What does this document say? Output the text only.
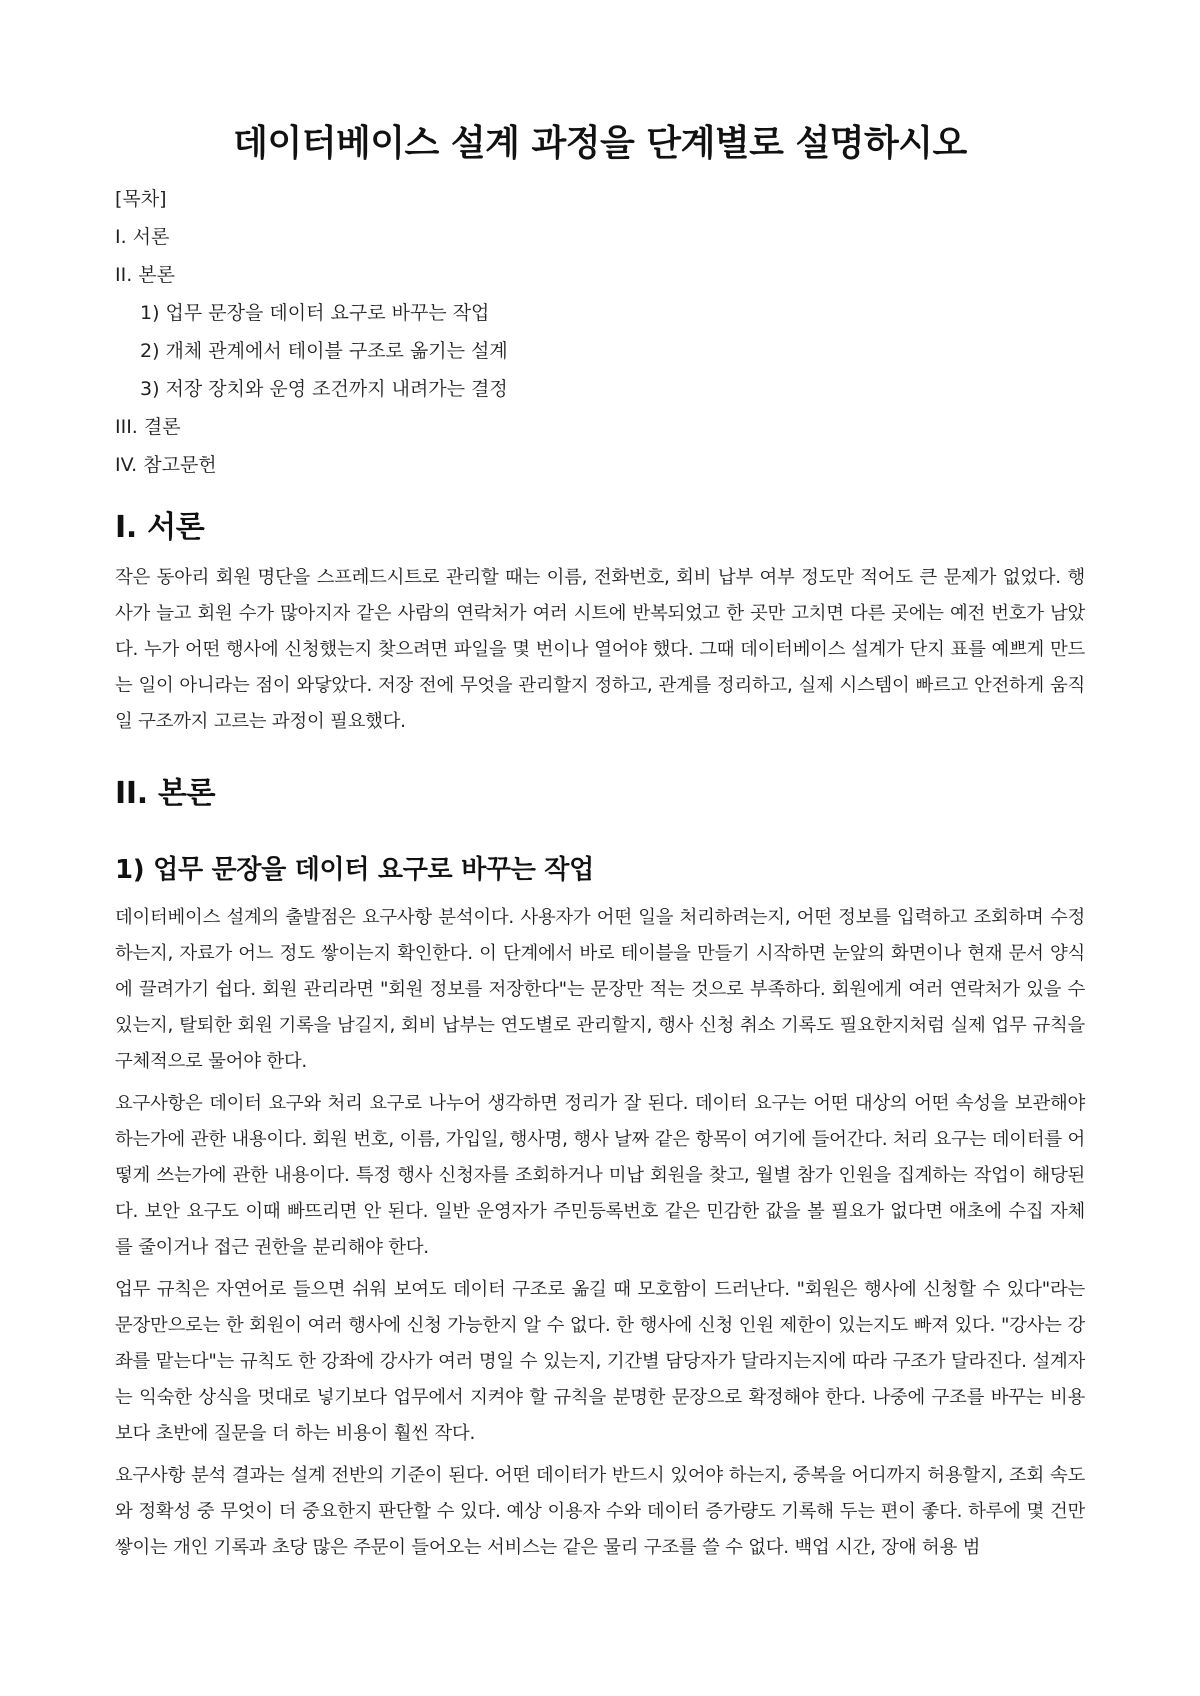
데이터베이스 설계 과정을 단계별로 설명하시오
[목차]
I. 서론
II. 본론
1) 업무 문장을 데이터 요구로 바꾸는 작업
2) 개체 관계에서 테이블 구조로 옮기는 설계
3) 저장 장치와 운영 조건까지 내려가는 결정
III. 결론
IV. 참고문헌
I. 서론

작은 동아리 회원 명단을 스프레드시트로 관리할 때는 이름, 전화번호, 회비 납부 여부 정도만 적어도 큰 문제가 없었다. 행사가 늘고 회원 수가 많아지자 같은 사람의 연락처가 여러 시트에 반복되었고 한 곳만 고치면 다른 곳에는 예전 번호가 남았다. 누가 어떤 행사에 신청했는지 찾으려면 파일을 몇 번이나 열어야 했다. 그때 데이터베이스 설계가 단지 표를 예쁘게 만드는 일이 아니라는 점이 와닿았다. 저장 전에 무엇을 관리할지 정하고, 관계를 정리하고, 실제 시스템이 빠르고 안전하게 움직일 구조까지 고르는 과정이 필요했다.

II. 본론
1) 업무 문장을 데이터 요구로 바꾸는 작업

데이터베이스 설계의 출발점은 요구사항 분석이다. 사용자가 어떤 일을 처리하려는지, 어떤 정보를 입력하고 조회하며 수정하는지, 자료가 어느 정도 쌓이는지 확인한다. 이 단계에서 바로 테이블을 만들기 시작하면 눈앞의 화면이나 현재 문서 양식에 끌려가기 쉽다. 회원 관리라면 "회원 정보를 저장한다"는 문장만 적는 것으로 부족하다. 회원에게 여러 연락처가 있을 수 있는지, 탈퇴한 회원 기록을 남길지, 회비 납부는 연도별로 관리할지, 행사 신청 취소 기록도 필요한지처럼 실제 업무 규칙을 구체적으로 물어야 한다.

요구사항은 데이터 요구와 처리 요구로 나누어 생각하면 정리가 잘 된다. 데이터 요구는 어떤 대상의 어떤 속성을 보관해야 하는가에 관한 내용이다. 회원 번호, 이름, 가입일, 행사명, 행사 날짜 같은 항목이 여기에 들어간다. 처리 요구는 데이터를 어떻게 쓰는가에 관한 내용이다. 특정 행사 신청자를 조회하거나 미납 회원을 찾고, 월별 참가 인원을 집계하는 작업이 해당된다. 보안 요구도 이때 빠뜨리면 안 된다. 일반 운영자가 주민등록번호 같은 민감한 값을 볼 필요가 없다면 애초에 수집 자체를 줄이거나 접근 권한을 분리해야 한다.

업무 규칙은 자연어로 들으면 쉬워 보여도 데이터 구조로 옮길 때 모호함이 드러난다. "회원은 행사에 신청할 수 있다"라는 문장만으로는 한 회원이 여러 행사에 신청 가능한지 알 수 없다. 한 행사에 신청 인원 제한이 있는지도 빠져 있다. "강사는 강좌를 맡는다"는 규칙도 한 강좌에 강사가 여러 명일 수 있는지, 기간별 담당자가 달라지는지에 따라 구조가 달라진다. 설계자는 익숙한 상식을 멋대로 넣기보다 업무에서 지켜야 할 규칙을 분명한 문장으로 확정해야 한다. 나중에 구조를 바꾸는 비용보다 초반에 질문을 더 하는 비용이 훨씬 작다.

요구사항 분석 결과는 설계 전반의 기준이 된다. 어떤 데이터가 반드시 있어야 하는지, 중복을 어디까지 허용할지, 조회 속도와 정확성 중 무엇이 더 중요한지 판단할 수 있다. 예상 이용자 수와 데이터 증가량도 기록해 두는 편이 좋다. 하루에 몇 건만 쌓이는 개인 기록과 초당 많은 주문이 들어오는 서비스는 같은 물리 구조를 쓸 수 없다. 백업 시간, 장애 허용 범
